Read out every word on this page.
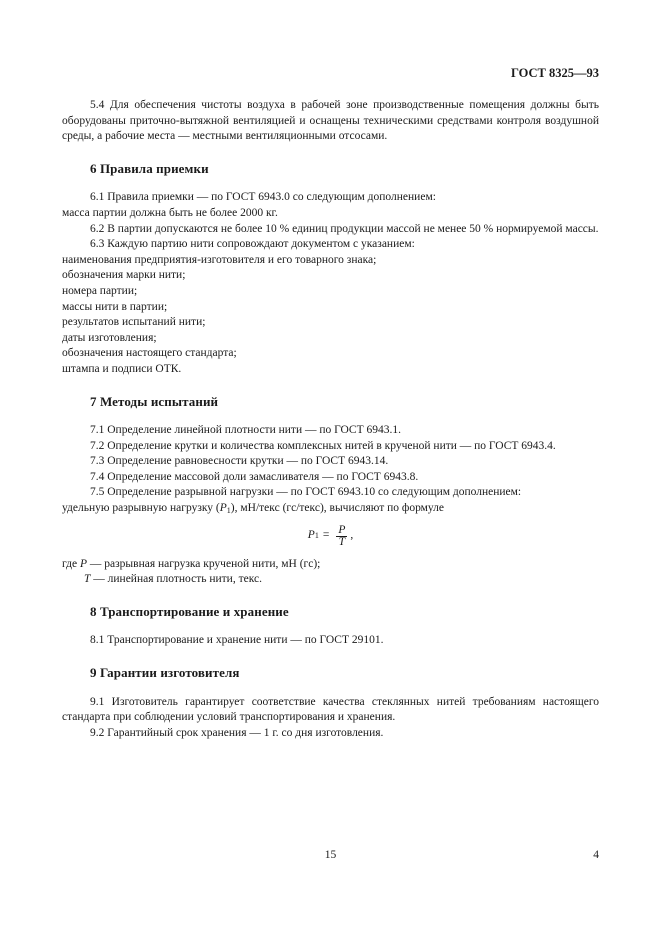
ГОСТ 8325—93

5.4 Для обеспечения чистоты воздуха в рабочей зоне производственные помещения должны быть оборудованы приточно-вытяжной вентиляцией и оснащены техническими средствами контроля воздушной среды, а рабочие места — местными вентиляционными отсосами.

6 Правила приемки

6.1 Правила приемки — по ГОСТ 6943.0 со следующим дополнением:

масса партии должна быть не более 2000 кг.

6.2 В партии допускаются не более 10 % единиц продукции массой не менее 50 % нормируемой массы.

6.3 Каждую партию нити сопровождают документом с указанием:

наименования предприятия-изготовителя и его товарного знака;

обозначения марки нити;

номера партии;

массы нити в партии;

результатов испытаний нити;

даты изготовления;

обозначения настоящего стандарта;

штампа и подписи ОТК.

7 Методы испытаний

7.1 Определение линейной плотности нити — по ГОСТ 6943.1.

7.2 Определение крутки и количества комплексных нитей в крученой нити — по ГОСТ 6943.4.

7.3 Определение равновесности крутки — по ГОСТ 6943.14.

7.4 Определение массовой доли замасливателя — по ГОСТ 6943.8.

7.5 Определение разрывной нагрузки — по ГОСТ 6943.10 со следующим дополнением:

удельную разрывную нагрузку $(P_1)$, мН/текс (гс/текс), вычисляют по формуле

P $1 = \frac{P}{T}$ ,

где P — разрывная нагрузка крученой нити, мН (гс);

T — линейная плотность нити, текс.

8 Транспортирование и хранение

8.1 Транспортирование и хранение нити — по ГОСТ 29101.

9 Гарантии изготовителя

9.1 Изготовитель гарантирует соответствие качества стеклянных нитей требованиям настоящего стандарта при соблюдении условий транспортирования и хранения.

9.2 Гарантийный срок хранения — 1 г. со дня изготовления.

15	4
